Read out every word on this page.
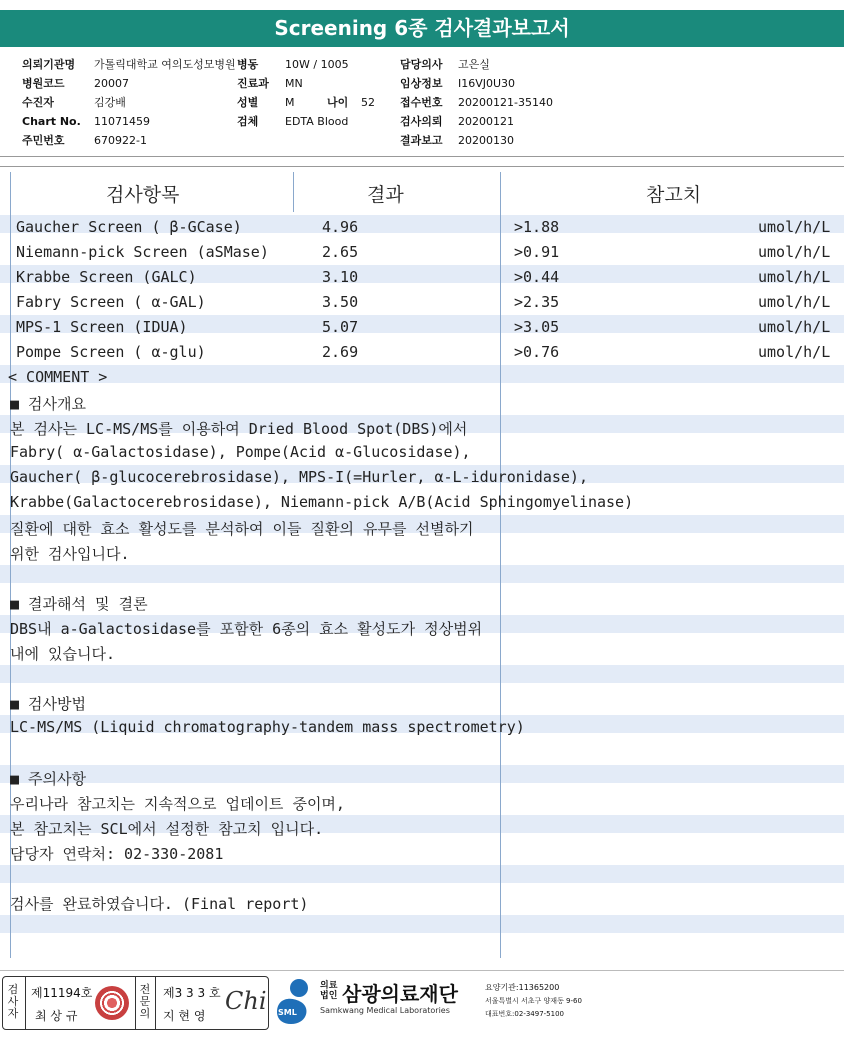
Screening 6종 검사결과보고서
의뢰기관명 가톨릭대학교 여의도성모병원
병원코드	20007
수진자	김강배
Chart No. 11071459
주민번호	670922-1
병동 10W / 1005
진료과 MN
성별 M	나이 52
검체 EDTA Blood
담당의사 고은실
임상정보 I16VJ0U30
접수번호 20200121-35140
검사의뢰 20200121
결과보고 20200130
검사항목	결과	참고치
Gaucher Screen ( β-GCase)	4.96	>1.88	umol/h/L
Niemann-pick Screen (aSMase)	2.65	>0.91	umol/h/L
Krabbe Screen (GALC)	3.10	>0.44	umol/h/L
Fabry Screen ( α-GAL)	3.50	>2.35	umol/h/L
MPS-1 Screen (IDUA)	5.07	>3.05	umol/h/L
Pompe Screen ( α-glu)	2.69	>0.76	umol/h/L
< COMMENT >
■ 검사개요
본 검사는 LC-MS/MS를 이용하여 Dried Blood Spot(DBS)에서
Fabry( α-Galactosidase), Pompe(Acid α-Glucosidase),
Gaucher( β-glucocerebrosidase), MPS-I(=Hurler, α-L-iduronidase),
Krabbe(Galactocerebrosidase), Niemann-pick A/B(Acid Sphingomyelinase)
질환에 대한 효소 활성도를 분석하여 이들 질환의 유무를 선별하기
위한 검사입니다.
■ 결과해석 및 결론
DBS내 a-Galactosidase를 포함한 6종의 효소 활성도가 정상범위
내에 있습니다.
■ 검사방법
LC-MS/MS (Liquid chromatography-tandem mass spectrometry)
■ 주의사항
우리나라 참고치는 지속적으로 업데이트 중이며,
본 참고치는 SCL에서 설정한 참고치 입니다.
담당자 연락처: 02-330-2081
검사를 완료하였습니다. (Final report)
검사자
제11194호
최 상 규
전문의
제3 3 3 호
지 현 영
Chi SML
의료법인 삼광의료재단
Samkwang Medical Laboratories
요양기관:11365200
서울특별시 서초구 양재동 9-60
대표번호:02-3497-5100
